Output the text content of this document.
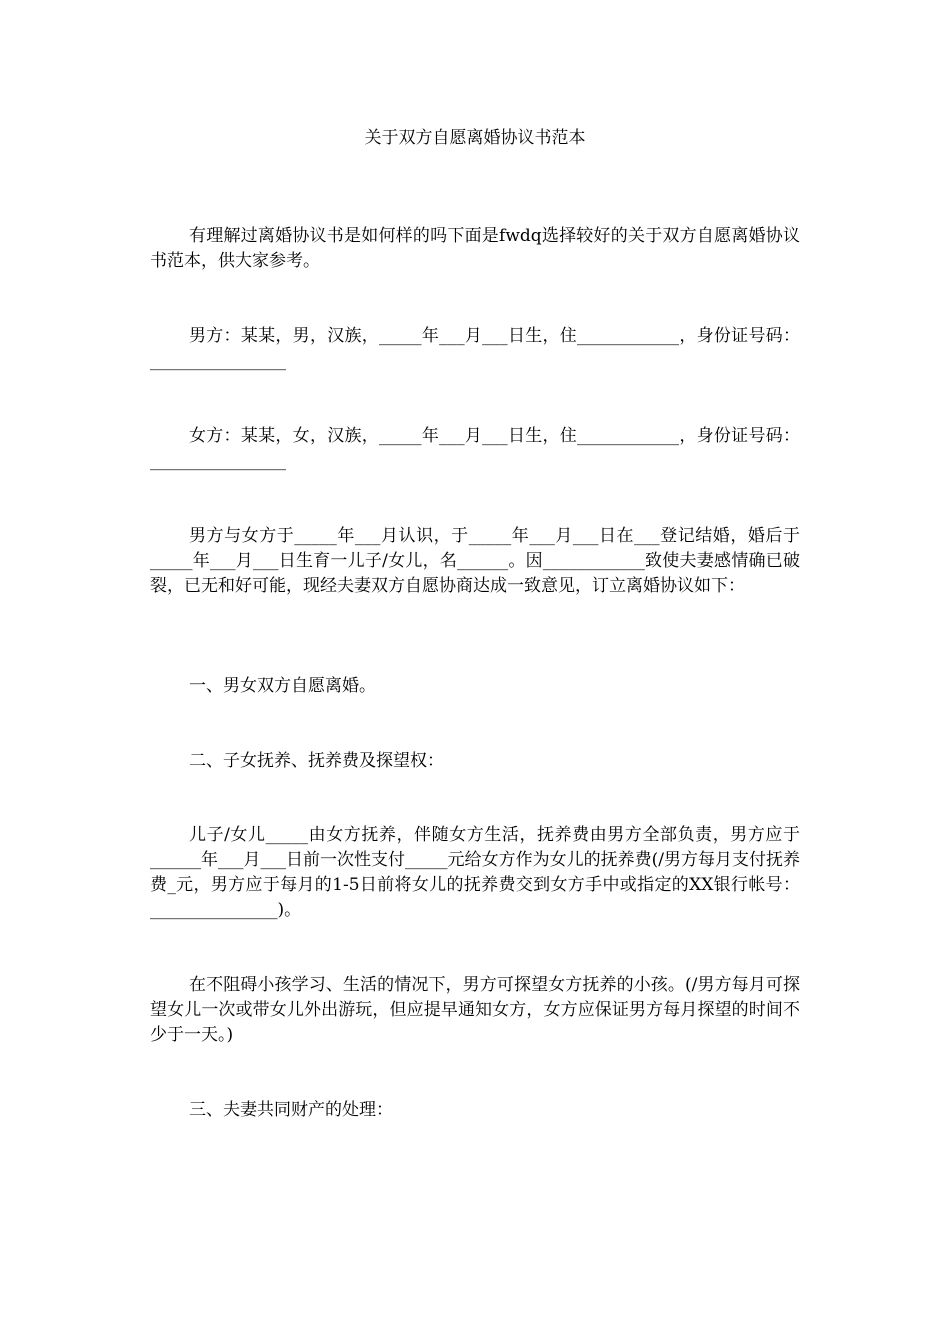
关于双方自愿离婚协议书范本

有理解过离婚协议书是如何样的吗下面是fwdq选择较好的关于双方自愿离婚协议书范本，供大家参考。

男方：某某，男，汉族，_____年___月___日生，住____________，身份证号码：________________

女方：某某，女，汉族，_____年___月___日生，住____________，身份证号码：________________

男方与女方于_____年___月认识，于_____年___月___日在___登记结婚，婚后于_____年___月___日生育一儿子/女儿，名______。因____________致使夫妻感情确已破裂，已无和好可能，现经夫妻双方自愿协商达成一致意见，订立离婚协议如下：

一、男女双方自愿离婚。

二、子女抚养、抚养费及探望权：

儿子/女儿_____由女方抚养，伴随女方生活，抚养费由男方全部负责，男方应于______年___月___日前一次性支付_____元给女方作为女儿的抚养费(/男方每月支付抚养费_元，男方应于每月的1-5日前将女儿的抚养费交到女方手中或指定的XX银行帐号：_______________)。

在不阻碍小孩学习、生活的情况下，男方可探望女方抚养的小孩。(/男方每月可探望女儿一次或带女儿外出游玩，但应提早通知女方，女方应保证男方每月探望的时间不少于一天。)

三、夫妻共同财产的处理：
